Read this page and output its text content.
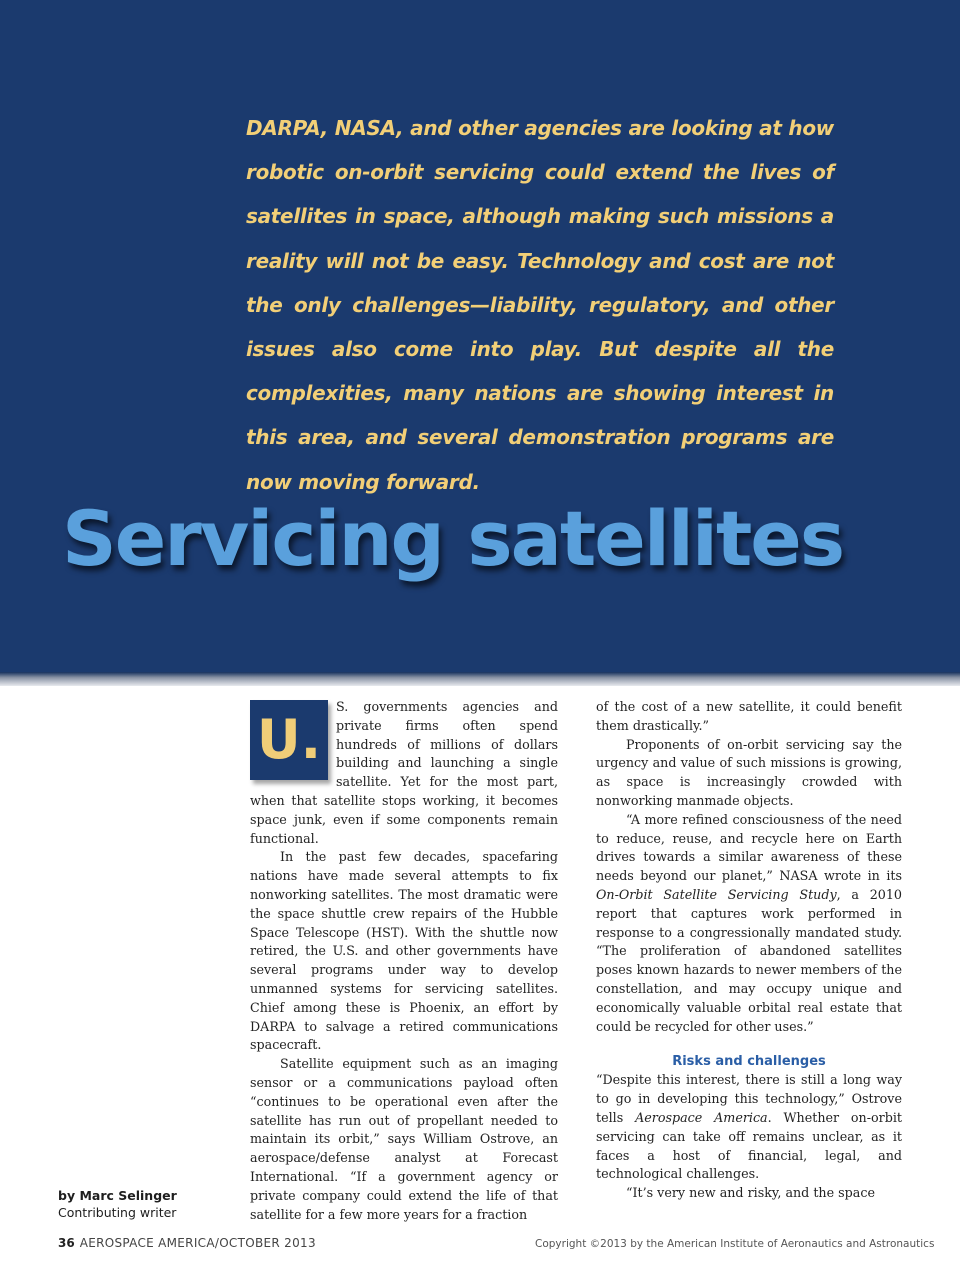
DARPA, NASA, and other agencies are looking at how robotic on-orbit servicing could extend the lives of satellites in space, although making such missions a reality will not be easy. Technology and cost are not the only challenges—liability, regulatory, and other issues also come into play. But despite all the complexities, many nations are showing interest in this area, and several demonstration programs are now moving forward.

Servicing satellites
by Marc Selinger
Contributing writer
U.

S. governments agencies and private firms often spend hundreds of millions of dollars building and launching a single satellite. Yet for the most part, when that satellite stops working, it becomes space junk, even if some components remain functional.

In the past few decades, spacefaring nations have made several attempts to fix nonworking satellites. The most dramatic were the space shuttle crew repairs of the Hubble Space Telescope (HST). With the shuttle now retired, the U.S. and other governments have several programs under way to develop unmanned systems for servicing satellites. Chief among these is Phoenix, an effort by DARPA to salvage a retired communications spacecraft.

Satellite equipment such as an imaging sensor or a communications payload often “continues to be operational even after the satellite has run out of propellant needed to maintain its orbit,” says William Ostrove, an aerospace/defense analyst at Forecast International. “If a government agency or private company could extend the life of that satellite for a few more years for a fraction

of the cost of a new satellite, it could benefit them drastically.”

Proponents of on-orbit servicing say the urgency and value of such missions is growing, as space is increasingly crowded with nonworking manmade objects.

“A more refined consciousness of the need to reduce, reuse, and recycle here on Earth drives towards a similar awareness of these needs beyond our planet,” NASA wrote in its On-Orbit Satellite Servicing Study, a 2010 report that captures work performed in response to a congressionally mandated study. “The proliferation of abandoned satellites poses known hazards to newer members of the constellation, and may occupy unique and economically valuable orbital real estate that could be recycled for other uses.”

Risks and challenges

“Despite this interest, there is still a long way to go in developing this technology,” Ostrove tells Aerospace America. Whether on-orbit servicing can take off remains unclear, as it faces a host of financial, legal, and technological challenges.

“It’s very new and risky, and the space

36 AEROSPACE AMERICA/OCTOBER 2013	Copyright ©2013 by the American Institute of Aeronautics and Astronautics
